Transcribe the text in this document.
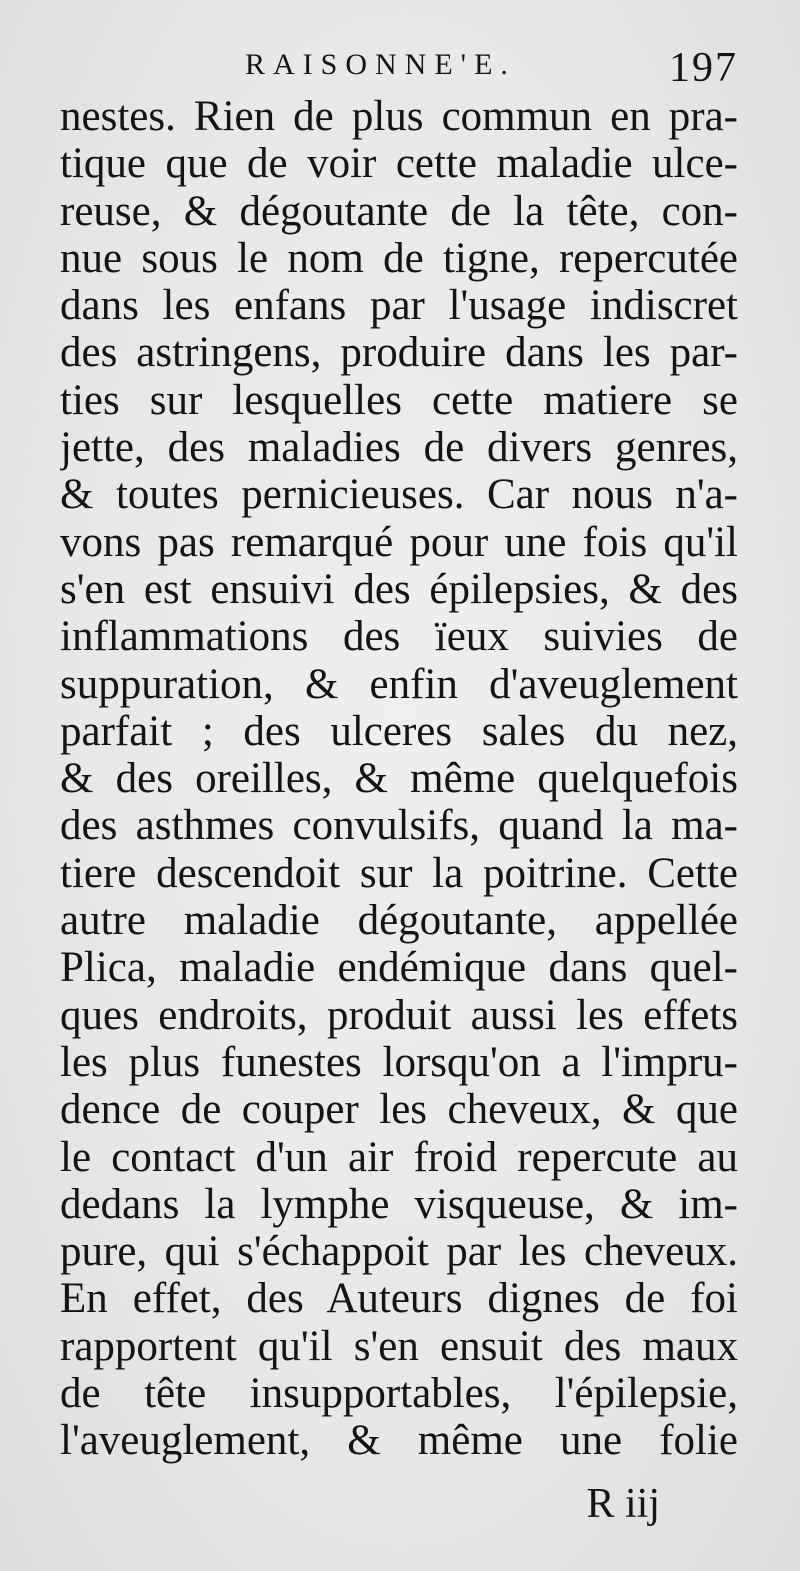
RAISONNE'E.	197
nestes. Rien de plus commun en pra-
tique que de voir cette maladie ulce-
reuse, & dégoutante de la tête, con-
nue sous le nom de tigne, repercutée
dans les enfans par l'usage indiscret
des astringens, produire dans les par-
ties sur lesquelles cette matiere se
jette, des maladies de divers genres,
& toutes pernicieuses. Car nous n'a-
vons pas remarqué pour une fois qu'il
s'en est ensuivi des épilepsies, & des
inflammations des ïeux suivies de
suppuration, & enfin d'aveuglement
parfait ; des ulceres sales du nez,
& des oreilles, & même quelquefois
des asthmes convulsifs, quand la ma-
tiere descendoit sur la poitrine. Cette
autre maladie dégoutante, appellée
Plica, maladie endémique dans quel-
ques endroits, produit aussi les effets
les plus funestes lorsqu'on a l'impru-
dence de couper les cheveux, & que
le contact d'un air froid repercute au
dedans la lymphe visqueuse, & im-
pure, qui s'échappoit par les cheveux.
En effet, des Auteurs dignes de foi
rapportent qu'il s'en ensuit des maux
de tête insupportables, l'épilepsie,
l'aveuglement, & même une folie
R iij
